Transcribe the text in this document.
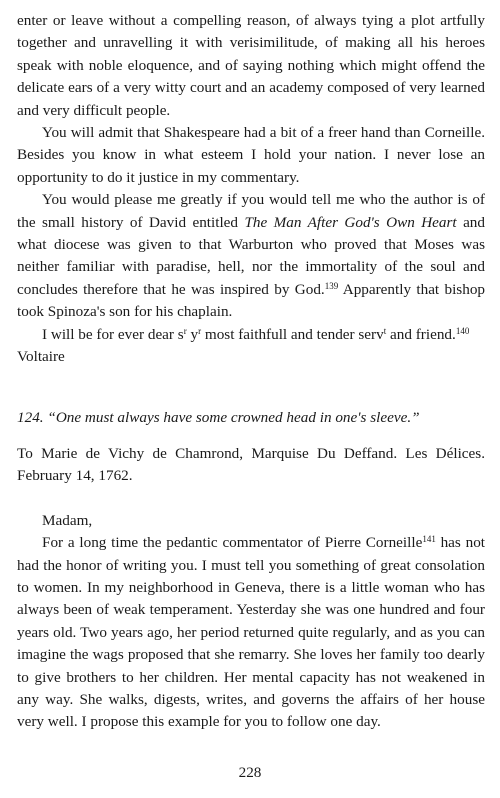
enter or leave without a compelling reason, of always tying a plot artfully together and unravelling it with verisimilitude, of making all his heroes speak with noble eloquence, and of saying nothing which might offend the delicate ears of a very witty court and an academy composed of very learned and very difficult people.

You will admit that Shakespeare had a bit of a freer hand than Corneille. Besides you know in what esteem I hold your nation. I never lose an opportunity to do it justice in my commentary.

You would please me greatly if you would tell me who the author is of the small history of David entitled The Man After God's Own Heart and what diocese was given to that Warburton who proved that Moses was neither familiar with paradise, hell, nor the immortality of the soul and concludes therefore that he was inspired by God.$^{139}$ Apparently that bishop took Spinoza's son for his chaplain.

I will be for ever dear $s^r$ $y^r$ most faithfull and tender serv$^t$ and friend.$^{140}$

Voltaire

124. “One must always have some crowned head in one's sleeve.”

To Marie de Vichy de Chamrond, Marquise Du Deffand. Les Délices. February 14, 1762.

Madam,

For a long time the pedantic commentator of Pierre Corneille$^{141}$ has not had the honor of writing you. I must tell you something of great consolation to women. In my neighborhood in Geneva, there is a little woman who has always been of weak temperament. Yesterday she was one hundred and four years old. Two years ago, her period returned quite regularly, and as you can imagine the wags proposed that she remarry. She loves her family too dearly to give brothers to her children. Her mental capacity has not weakened in any way. She walks, digests, writes, and governs the affairs of her house very well. I propose this example for you to follow one day.

228
